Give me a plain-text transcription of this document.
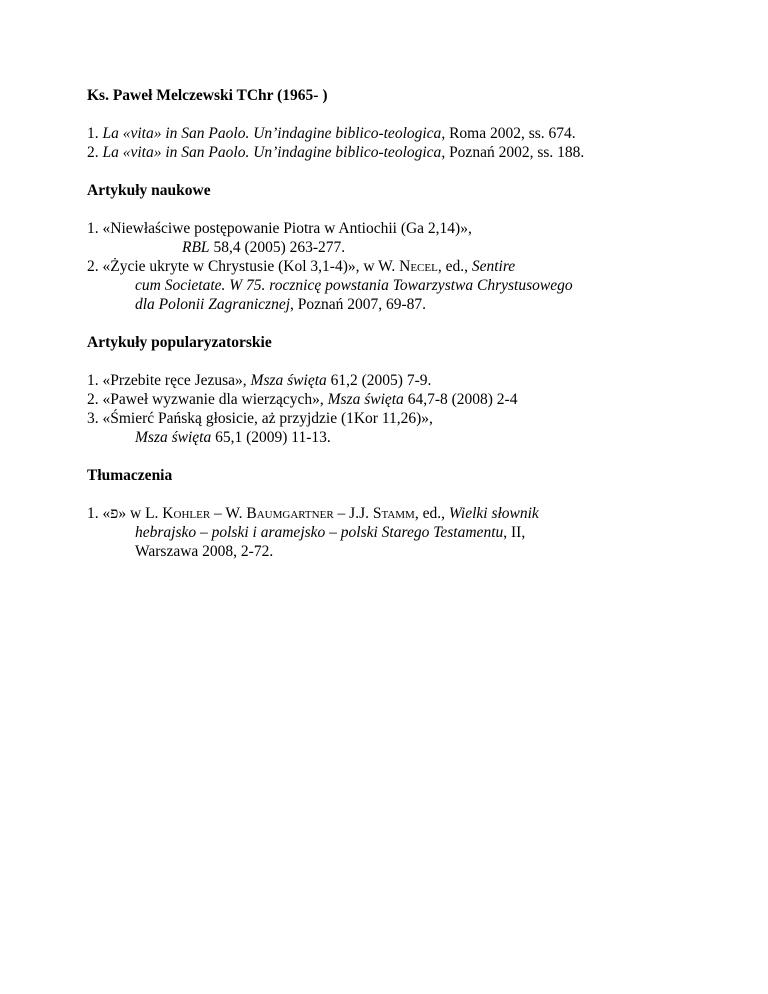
Ks. Paweł Melczewski TChr (1965- )

1. La «vita» in San Paolo. Un’indagine biblico-teologica, Roma 2002, ss. 674.

2. La «vita» in San Paolo. Un’indagine biblico-teologica, Poznań 2002, ss. 188.

Artykuły naukowe

1. «Niewłaściwe postępowanie Piotra w Antiochii (Ga 2,14)»,

RBL 58,4 (2005) 263-277.

2. «Życie ukryte w Chrystusie (Kol 3,1-4)», w W. Necel, ed., Sentire

cum Societate. W 75. rocznicę powstania Towarzystwa Chrystusowego

dla Polonii Zagranicznej, Poznań 2007, 69-87.

Artykuły popularyzatorskie

1. «Przebite ręce Jezusa», Msza święta 61,2 (2005) 7-9.

2. «Paweł wyzwanie dla wierzących», Msza święta 64,7-8 (2008) 2-4

3. «Śmierć Pańską głosicie, aż przyjdzie (1Kor 11,26)»,

Msza święta 65,1 (2009) 11-13.

Tłumaczenia

1. «פ» w L. Kohler – W. Baumgartner – J.J. Stamm, ed., Wielki słownik

hebrajsko – polski i aramejsko – polski Starego Testamentu, II,

Warszawa 2008, 2-72.
